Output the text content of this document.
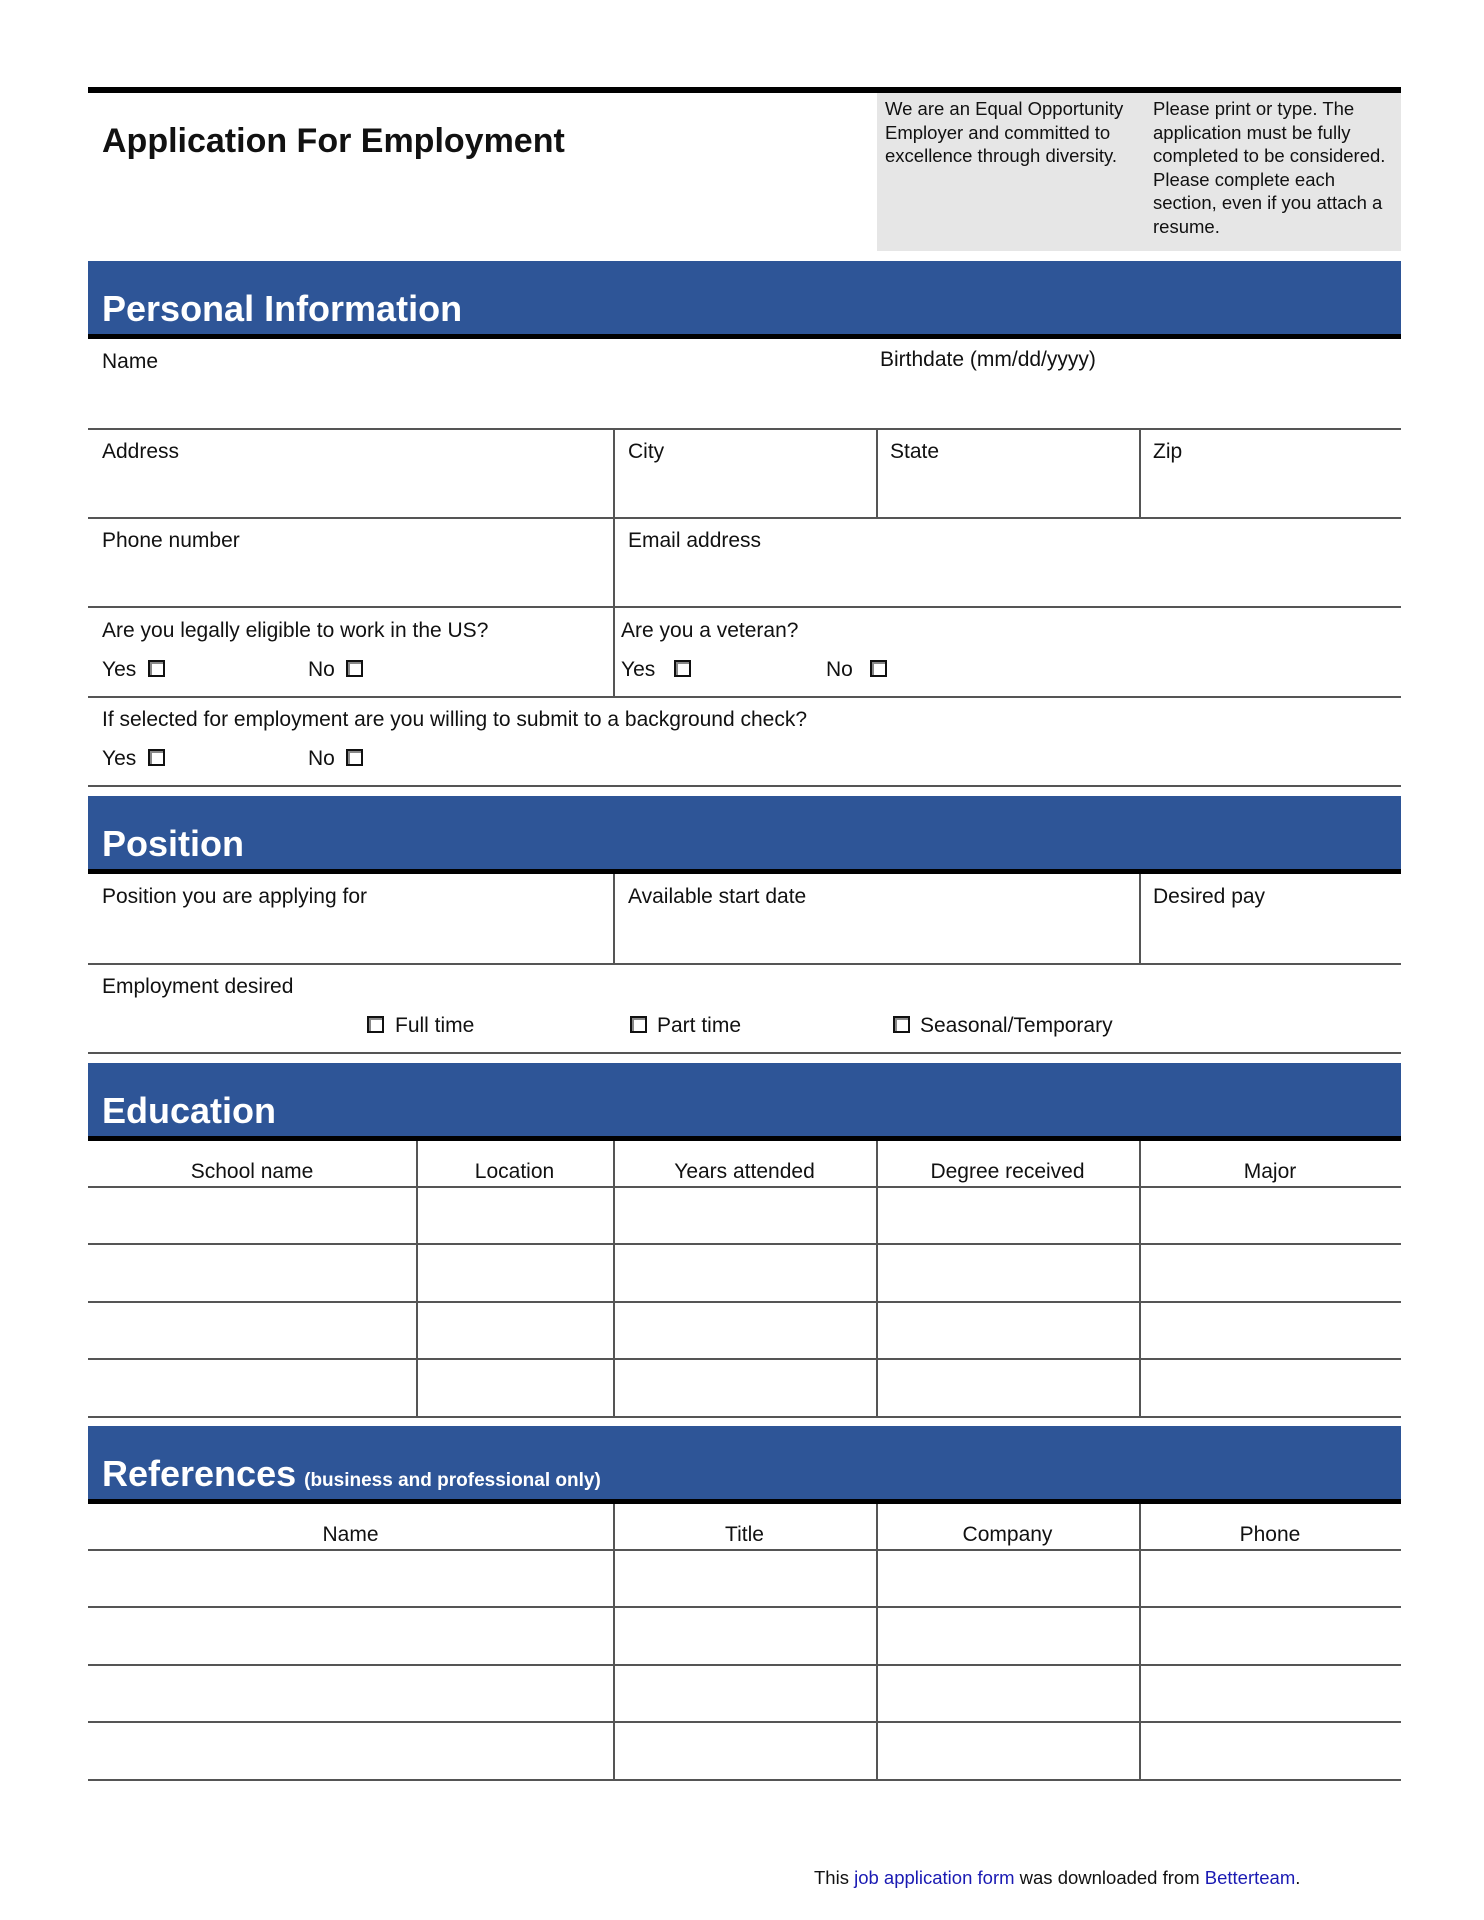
Application For Employment
We are an Equal Opportunity Employer and committed to excellence through diversity.
Please print or type. The application must be fully completed to be considered. Please complete each section, even if you attach a resume.
Personal Information
Name	Birthdate (mm/dd/yyyy)
Address	City	State	Zip
Phone number	Email address
Are you legally eligible to work in the US?
Yes	No
Are you a veteran?
Yes	No
If selected for employment are you willing to submit to a background check?
Yes	No
Position
Position you are applying for	Available start date	Desired pay
Employment desired
Full time	Part time	Seasonal/Temporary
Education
School name	Location	Years attended	Degree received	Major
References (business and professional only)
Name	Title	Company	Phone
This job application form was downloaded from Betterteam.
